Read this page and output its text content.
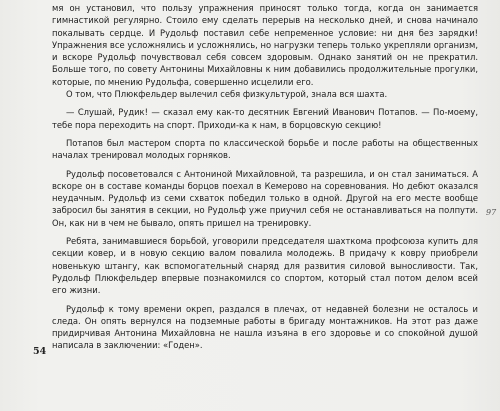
мя он установил, что пользу упражнения приносят только тогда, когда он занимается гимнастикой регулярно. Стоило ему сделать перерыв на несколько дней, и снова начинало покалывать сердце. И Рудольф поставил себе непременное условие: ни дня без зарядки! Упражнения все усложнялись и усложнялись, но нагрузки теперь только укрепляли организм, и вскоре Рудольф почувствовал себя совсем здоровым. Однако занятий он не прекратил. Больше того, по совету Антонины Михайловны к ним добавились продолжительные прогулки, которые, по мнению Рудольфа, совершенно исцелили его.

О том, что Плюкфельдер вылечил себя физкультурой, знала вся шахта.

— Слушай, Рудик! — сказал ему как-то десятник Евгений Иванович Потапов. — По-моему, тебе пора переходить на спорт. Приходи-ка к нам, в борцовскую секцию!

Потапов был мастером спорта по классической борьбе и после работы на общественных началах тренировал молодых горняков.

Рудольф посоветовался с Антониной Михайловной, та разрешила, и он стал заниматься. А вскоре он в составе команды борцов поехал в Кемерово на соревнования. Но дебют оказался неудачным. Рудольф из семи схваток победил только в одной. Другой на его месте вообще забросил бы занятия в секции, но Рудольф уже приучил себя не останавливаться на полпути. Он, как ни в чем не бывало, опять пришел на тренировку.

Ребята, занимавшиеся борьбой, уговорили председателя шахткома профсоюза купить для секции ковер, и в новую секцию валом повалила молодежь. В придачу к ковру приобрели новенькую штангу, как вспомогательный снаряд для развития силовой выносливости. Так, Рудольф Плюкфельдер впервые познакомился со спортом, который стал потом делом всей его жизни.

Рудольф к тому времени окреп, раздался в плечах, от недавней болезни не осталось и следа. Он опять вернулся на подземные работы в бригаду монтажников. На этот раз даже придирчивая Антонина Михайловна не нашла изъяна в его здоровье и со спокойной душой написала в заключении: «Годен».

54
97
